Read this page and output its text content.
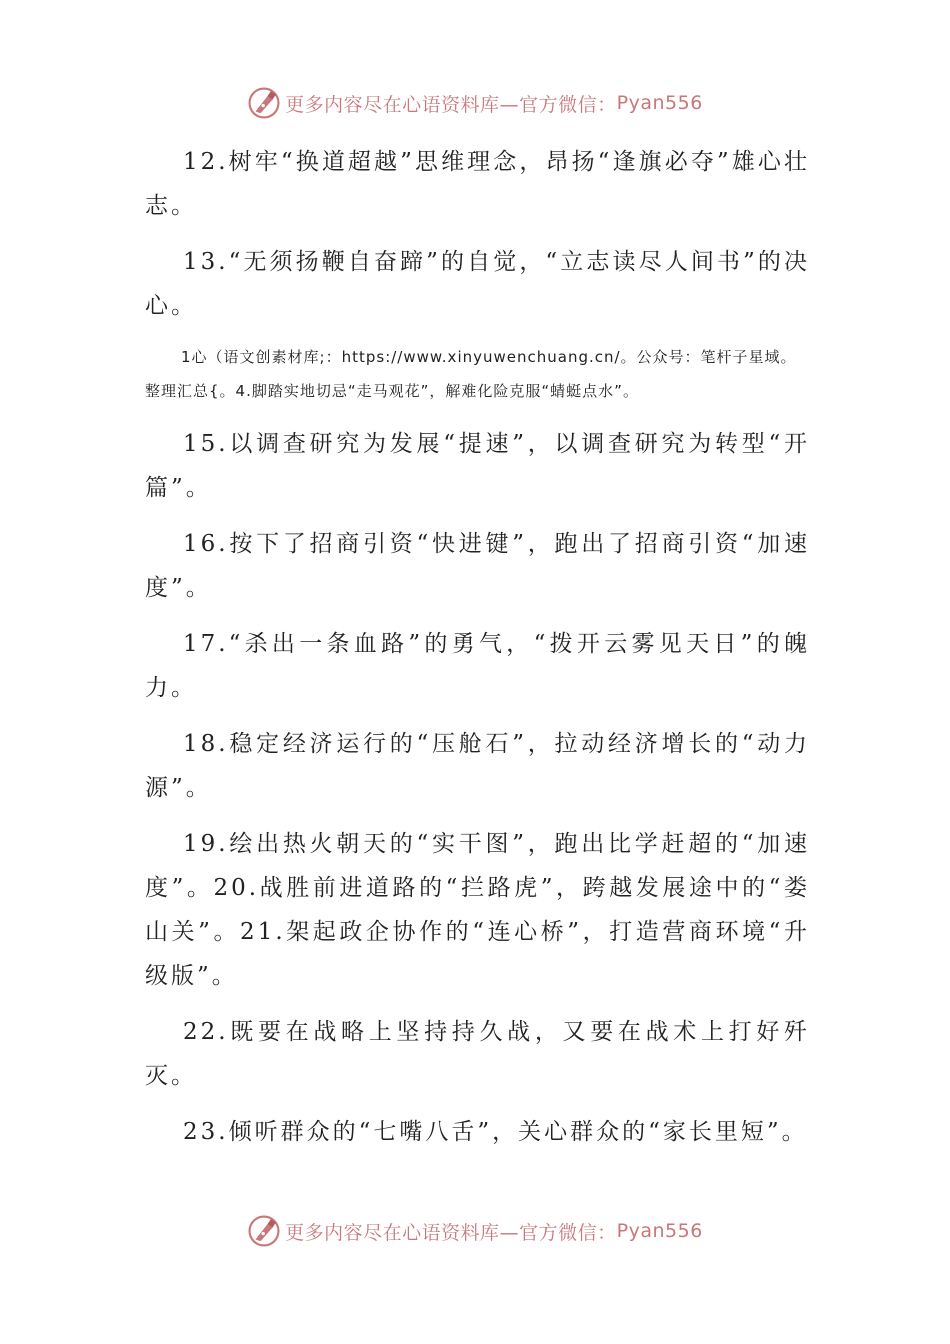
更多内容尽在心语资料库—官方微信： Pyan556

12.树牢“换道超越”思维理念，昂扬“逢旗必夺”雄心壮志。

13.“无须扬鞭自奋蹄”的自觉，“立志读尽人间书”的决心。

1心（语文创素材库;：https://www.xinyuwenchuang.cn/。公众号：笔杆子星域。整理汇总{。4.脚踏实地切忌“走马观花”，解难化险克服“蜻蜓点水”。

15.以调查研究为发展“提速”，以调查研究为转型“开篇”。

16.按下了招商引资“快进键”，跑出了招商引资“加速度”。

17.“杀出一条血路”的勇气，“拨开云雾见天日”的魄力。

18.稳定经济运行的“压舱石”，拉动经济增长的“动力源”。

19.绘出热火朝天的“实干图”，跑出比学赶超的“加速度”。20.战胜前进道路的“拦路虎”，跨越发展途中的“娄山关”。21.架起政企协作的“连心桥”，打造营商环境“升级版”。

22.既要在战略上坚持持久战，又要在战术上打好歼灭。

23.倾听群众的“七嘴八舌”，关心群众的“家长里短”。

更多内容尽在心语资料库—官方微信： Pyan556
